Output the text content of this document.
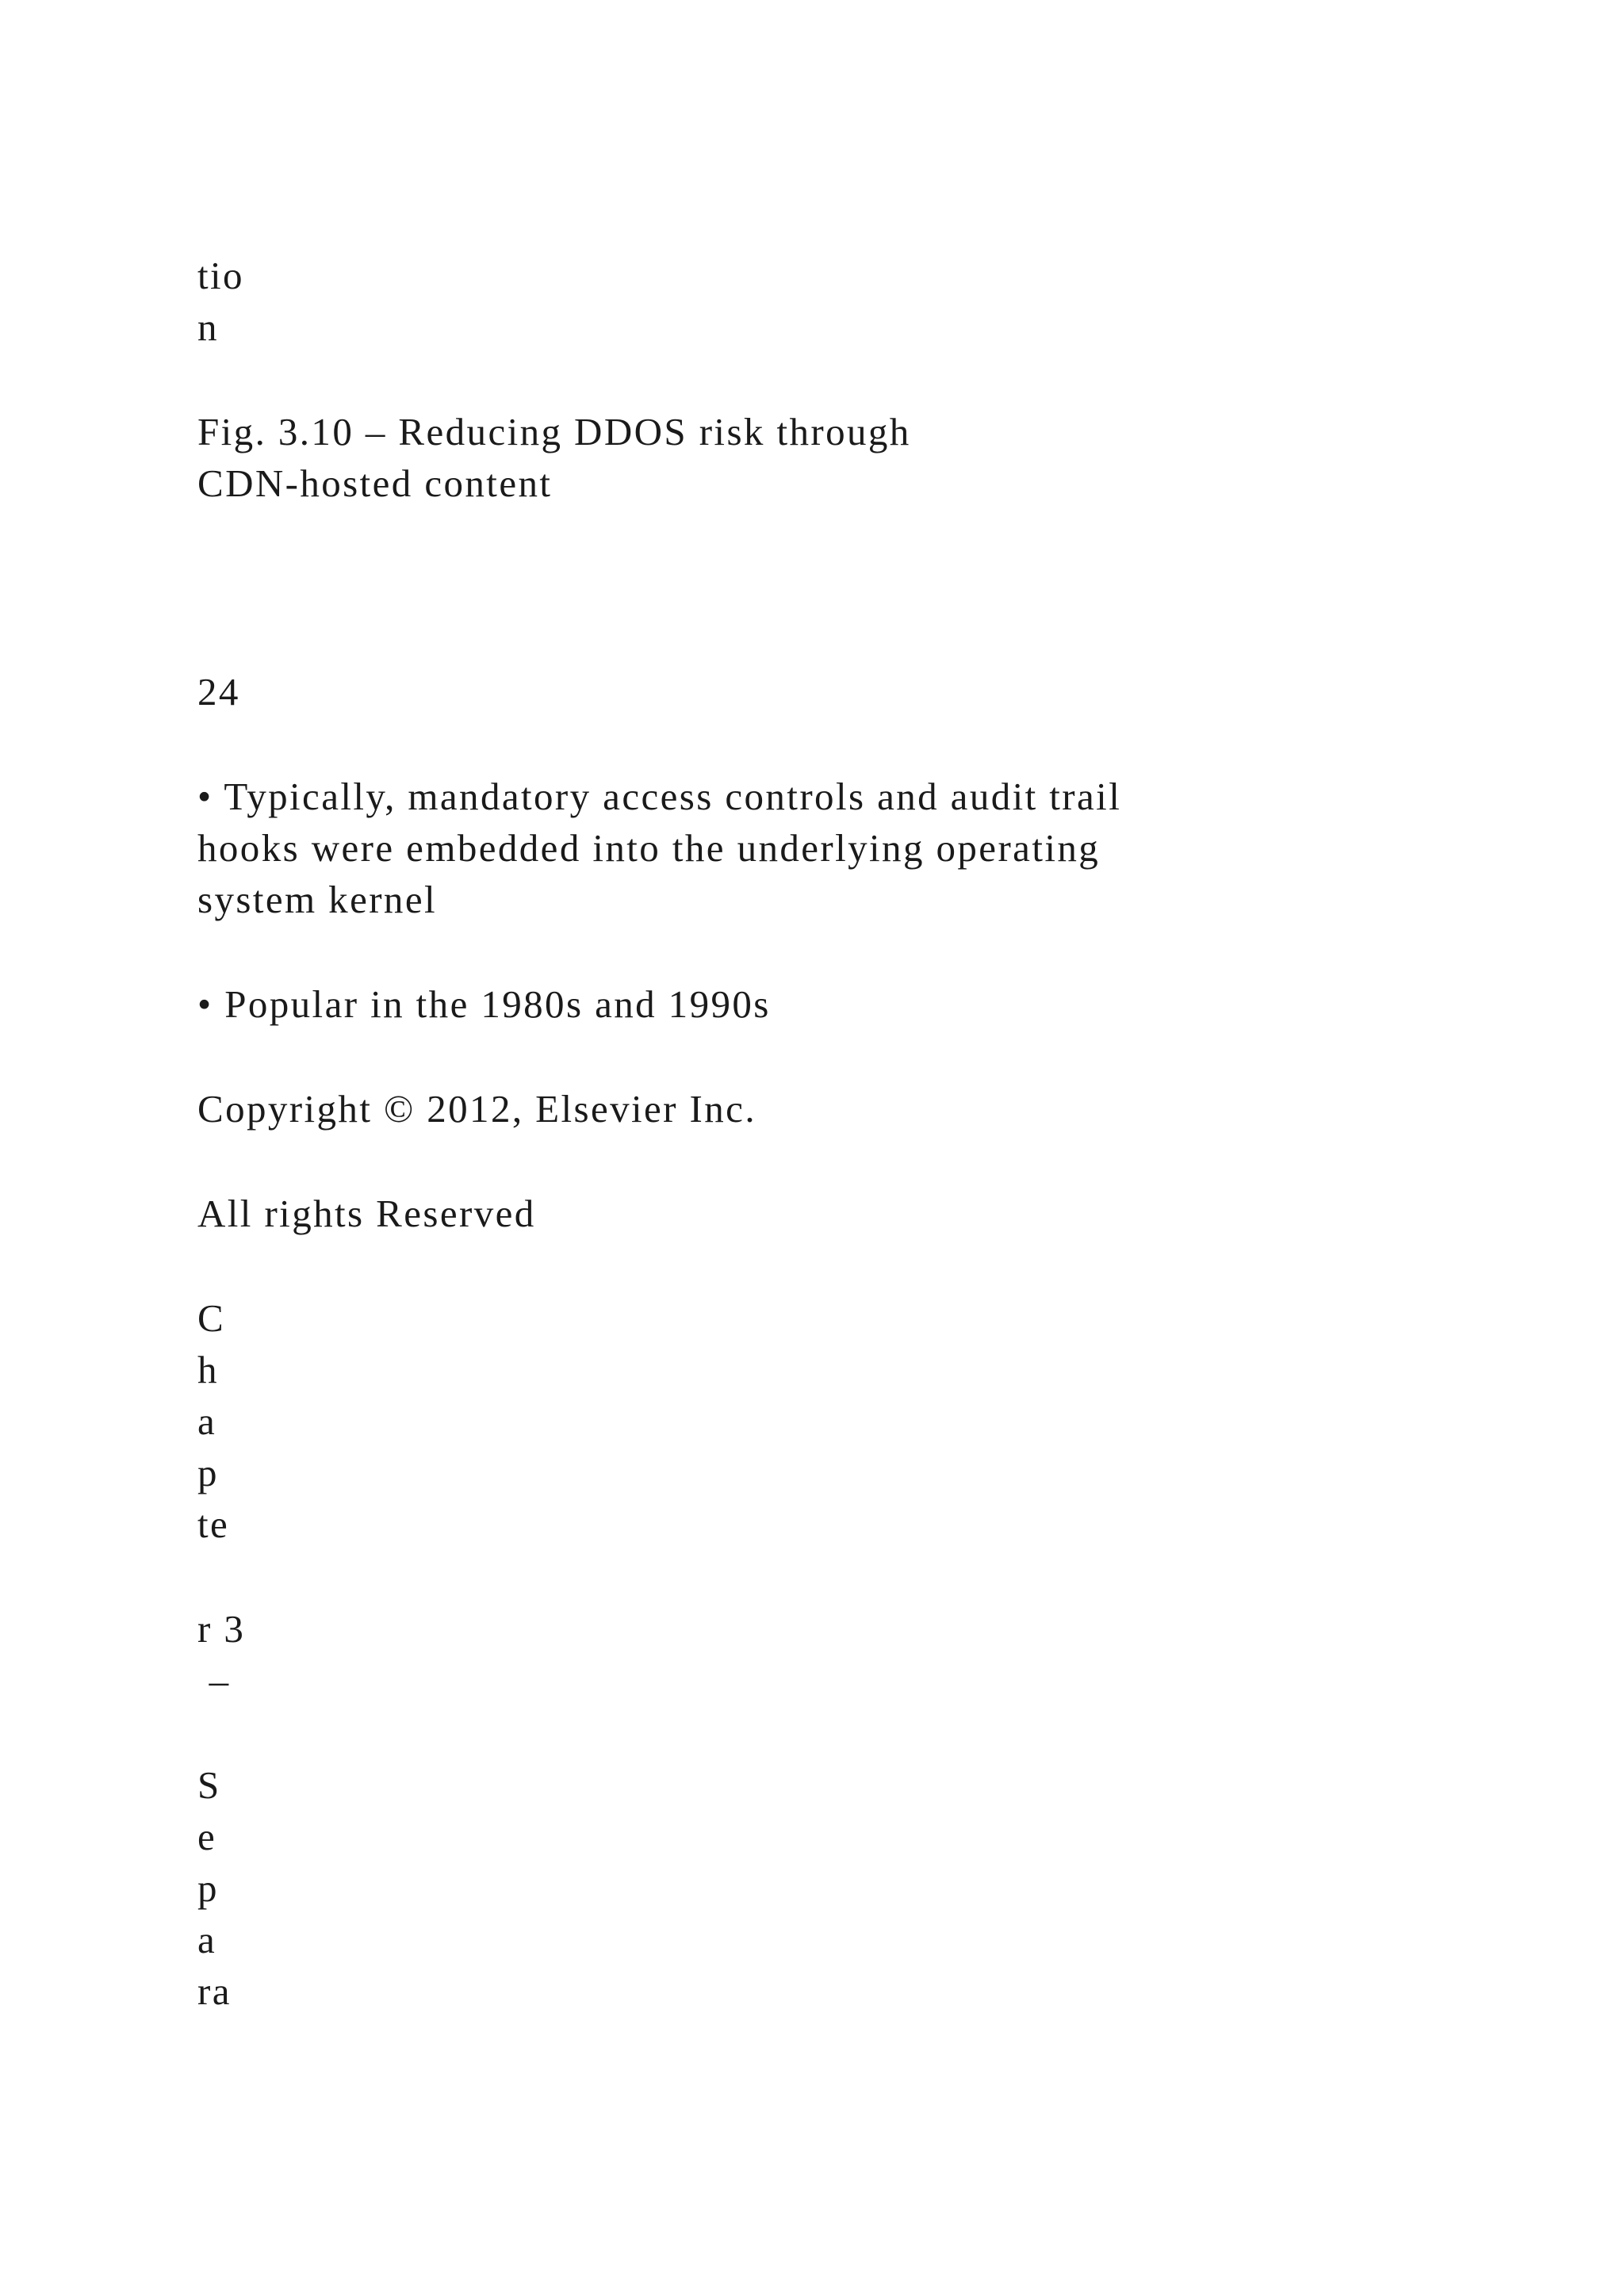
tio

n

Fig. 3.10 – Reducing DDOS risk through

CDN-hosted content

24

• Typically, mandatory access controls and audit trail

hooks were embedded into the underlying operating

system kernel

• Popular in the 1980s and 1990s

Copyright © 2012, Elsevier Inc.

All rights Reserved

C

h

a

p

te

r 3

–

S

e

p

a

ra
